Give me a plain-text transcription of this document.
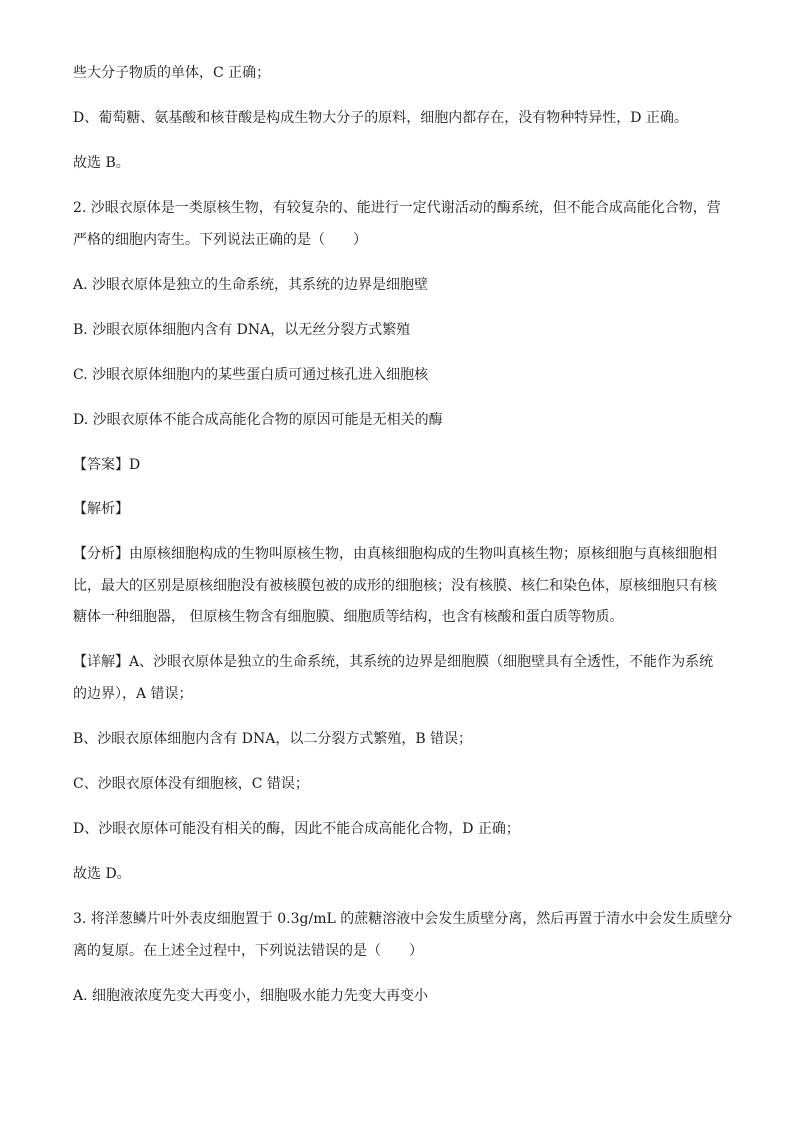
些大分子物质的单体，C 正确；

D、葡萄糖、氨基酸和核苷酸是构成生物大分子的原料，细胞内都存在，没有物种特异性，D 正确。

故选 B。

2. 沙眼衣原体是一类原核生物，有较复杂的、能进行一定代谢活动的酶系统，但不能合成高能化合物，营

严格的细胞内寄生。下列说法正确的是（　　）

A. 沙眼衣原体是独立的生命系统，其系统的边界是细胞壁

B. 沙眼衣原体细胞内含有 DNA，以无丝分裂方式繁殖

C. 沙眼衣原体细胞内的某些蛋白质可通过核孔进入细胞核

D. 沙眼衣原体不能合成高能化合物的原因可能是无相关的酶

【答案】D

【解析】

【分析】由原核细胞构成的生物叫原核生物，由真核细胞构成的生物叫真核生物；原核细胞与真核细胞相

比，最大的区别是原核细胞没有被核膜包被的成形的细胞核；没有核膜、核仁和染色体，原核细胞只有核

糖体一种细胞器， 但原核生物含有细胞膜、细胞质等结构，也含有核酸和蛋白质等物质。

【详解】A、沙眼衣原体是独立的生命系统，其系统的边界是细胞膜（细胞壁具有全透性，不能作为系统

的边界），A 错误；

B、沙眼衣原体细胞内含有 DNA，以二分裂方式繁殖，B 错误；

C、沙眼衣原体没有细胞核，C 错误；

D、沙眼衣原体可能没有相关的酶，因此不能合成高能化合物，D 正确；

故选 D。

3. 将洋葱鳞片叶外表皮细胞置于 0.3g/mL 的蔗糖溶液中会发生质壁分离，然后再置于清水中会发生质壁分

离的复原。在上述全过程中，下列说法错误的是（　　）

A. 细胞液浓度先变大再变小，细胞吸水能力先变大再变小
